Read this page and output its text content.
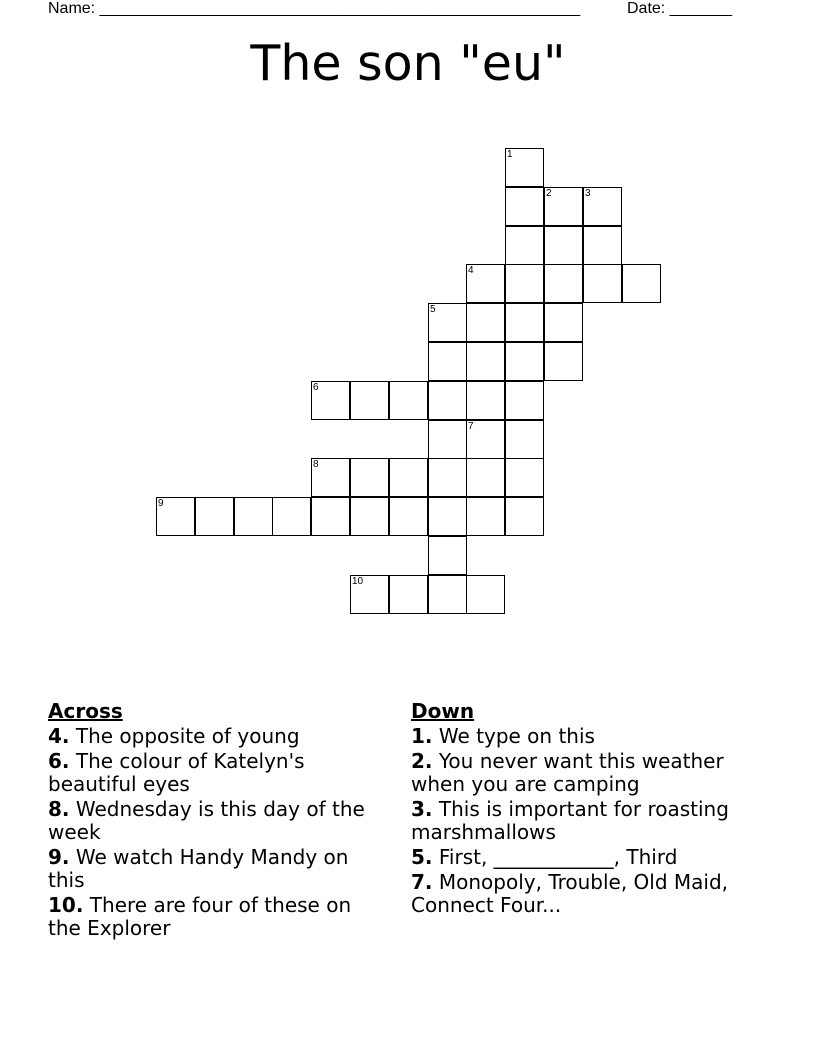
Name: ______________________________________________________	Date: _______
The son "eu"
1
2	3
4
5
6
7
8
9
10
Across
4. The opposite of young
6. The colour of Katelyn's beautiful eyes
8. Wednesday is this day of the week
9. We watch Handy Mandy on this
10. There are four of these on the Explorer
Down
1. We type on this
2. You never want this weather when you are camping
3. This is important for roasting marshmallows
5. First, ____________, Third
7. Monopoly, Trouble, Old Maid, Connect Four...
